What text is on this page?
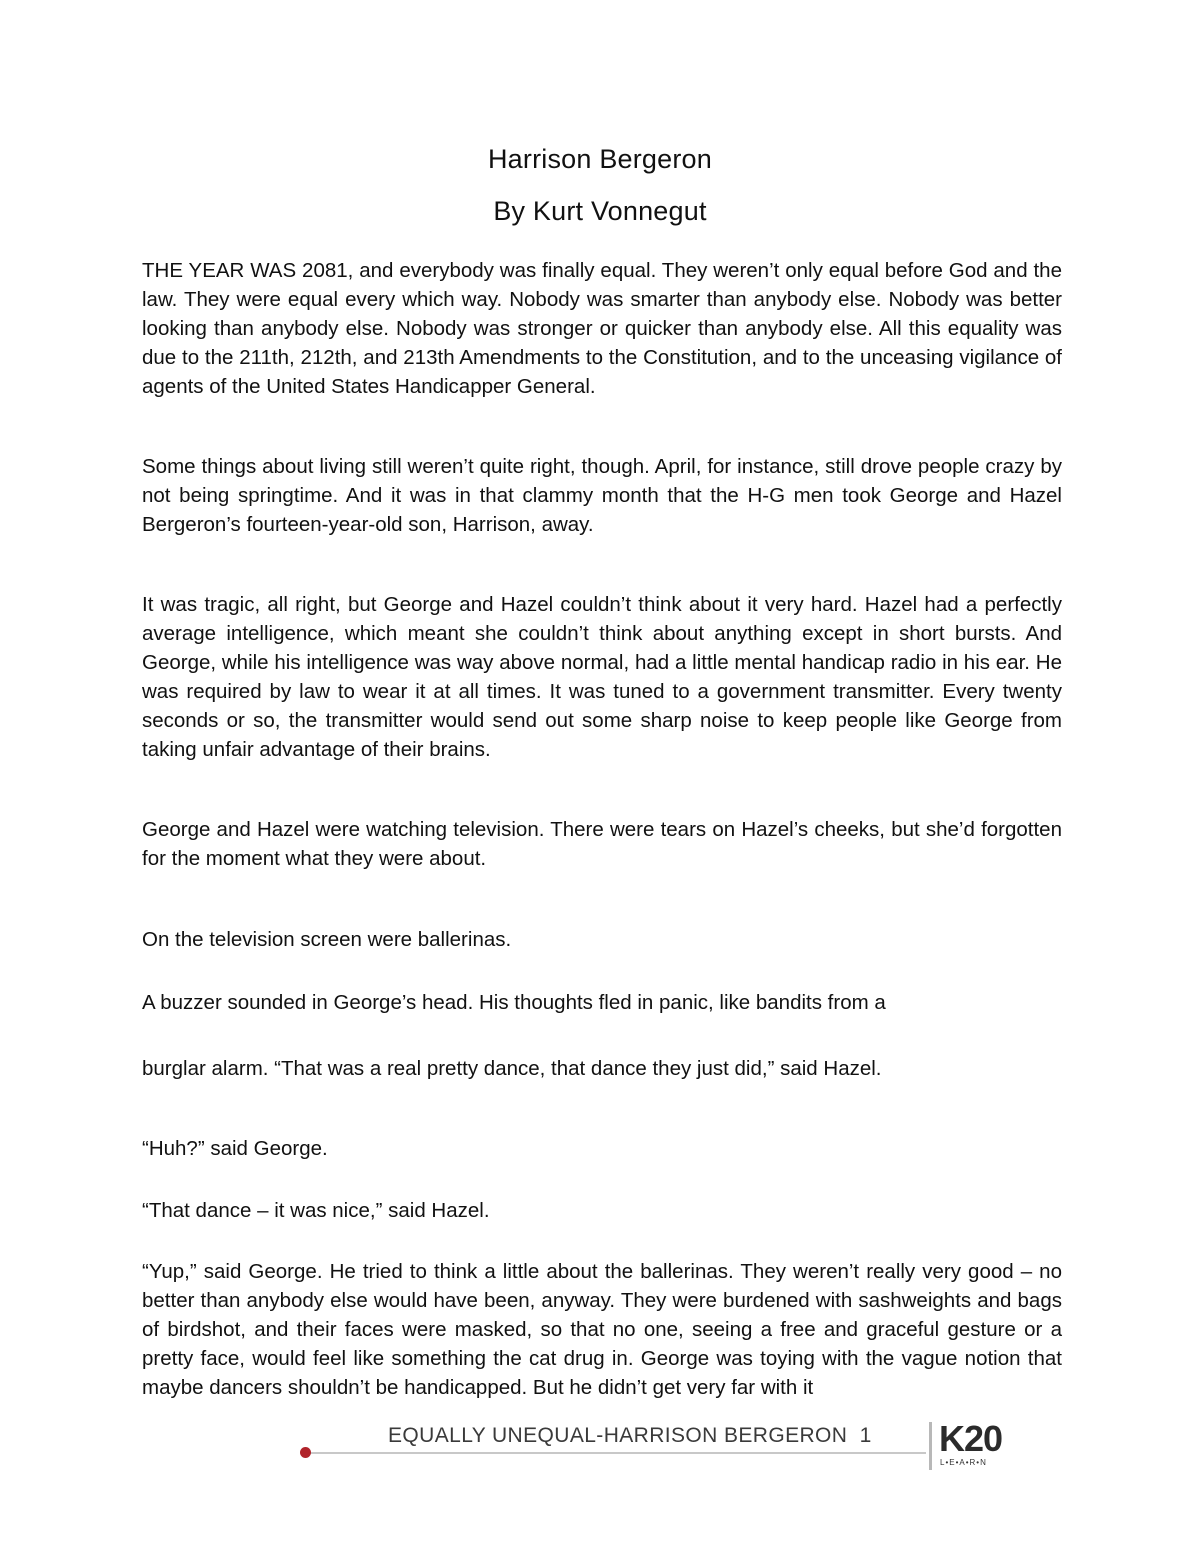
Harrison Bergeron
By Kurt Vonnegut

THE YEAR WAS 2081, and everybody was finally equal. They weren’t only equal before God and the law. They were equal every which way. Nobody was smarter than anybody else. Nobody was better looking than anybody else. Nobody was stronger or quicker than anybody else. All this equality was due to the 211th, 212th, and 213th Amendments to the Constitution, and to the unceasing vigilance of agents of the United States Handicapper General.

Some things about living still weren’t quite right, though. April, for instance, still drove people crazy by not being springtime. And it was in that clammy month that the H-G men took George and Hazel Bergeron’s fourteen-year-old son, Harrison, away.

It was tragic, all right, but George and Hazel couldn’t think about it very hard. Hazel had a perfectly average intelligence, which meant she couldn’t think about anything except in short bursts. And George, while his intelligence was way above normal, had a little mental handicap radio in his ear. He was required by law to wear it at all times. It was tuned to a government transmitter. Every twenty seconds or so, the transmitter would send out some sharp noise to keep people like George from taking unfair advantage of their brains.

George and Hazel were watching television. There were tears on Hazel’s cheeks, but she’d forgotten for the moment what they were about.

On the television screen were ballerinas.

A buzzer sounded in George’s head. His thoughts fled in panic, like bandits from a

burglar alarm. “That was a real pretty dance, that dance they just did,” said Hazel.

“Huh?” said George.

“That dance – it was nice,” said Hazel.

“Yup,” said George. He tried to think a little about the ballerinas. They weren’t really very good – no better than anybody else would have been, anyway. They were burdened with sashweights and bags of birdshot, and their faces were masked, so that no one, seeing a free and graceful gesture or a pretty face, would feel like something the cat drug in. George was toying with the vague notion that maybe dancers shouldn’t be handicapped. But he didn’t get very far with it

EQUALLY UNEQUAL-HARRISON BERGERON 1 K20
L•E•A•R•N
